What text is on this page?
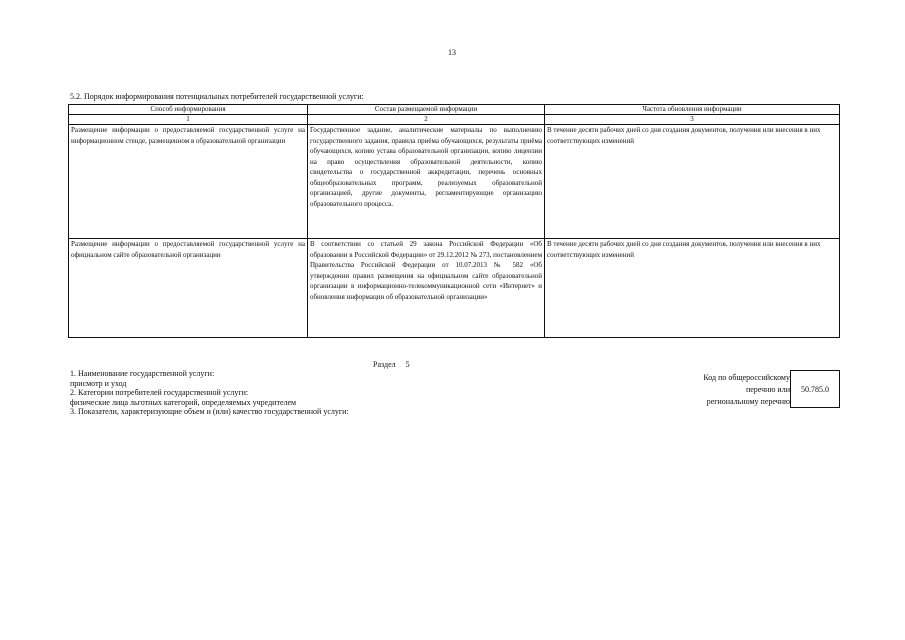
13
5.2. Порядок информирования потенциальных потребителей государственной услуги:
Способ информирования	Состав размещаемой информации	Частота обновления информации
1	2	3
Размещение информации о предоставляемой государственной услуге на информационном стенде, размещенном в образовательной организации	Государственное задание, аналитические материалы по выполнению государственного задания, правила приёма обучающихся, результаты приёма обучающихся, копию устава образовательной организации, копию лицензии на право осуществления образовательной деятельности, копию свидетельства о государственной аккредитации, перечень основных общеобразовательных программ, реализуемых образовательной организацией, другие документы, регламентирующие организацию образовательного процесса.	В течение десяти рабочих дней со дня создания документов, получения или внесения в них соответствующих изменений
Размещение информации о предоставляемой государственной услуге на официальном сайте образовательной организации	В соответствии со статьей 29 закона Российской Федерации «Об образовании в Российской Федерации» от 29.12.2012 № 273, постановлением Правительства Российской Федерации от 10.07.2013 № 582 «Об утверждении правил размещения на официальном сайте образовательной организации в информационно-телекоммуникационной сети «Интернет» и обновления информации об образовательной организации»	В течение десяти рабочих дней со дня создания документов, получения или внесения в них соответствующих изменений
Раздел 5
1. Наименование государственной услуги:
присмотр и уход
2. Категории потребителей государственной услуги:
физические лица льготных категорий, определяемых учредителем
3. Показатели, характеризующие объем и (или) качество государственной услуги:
Код по общероссийскому
перечню или
региональному перечню
50.785.0
